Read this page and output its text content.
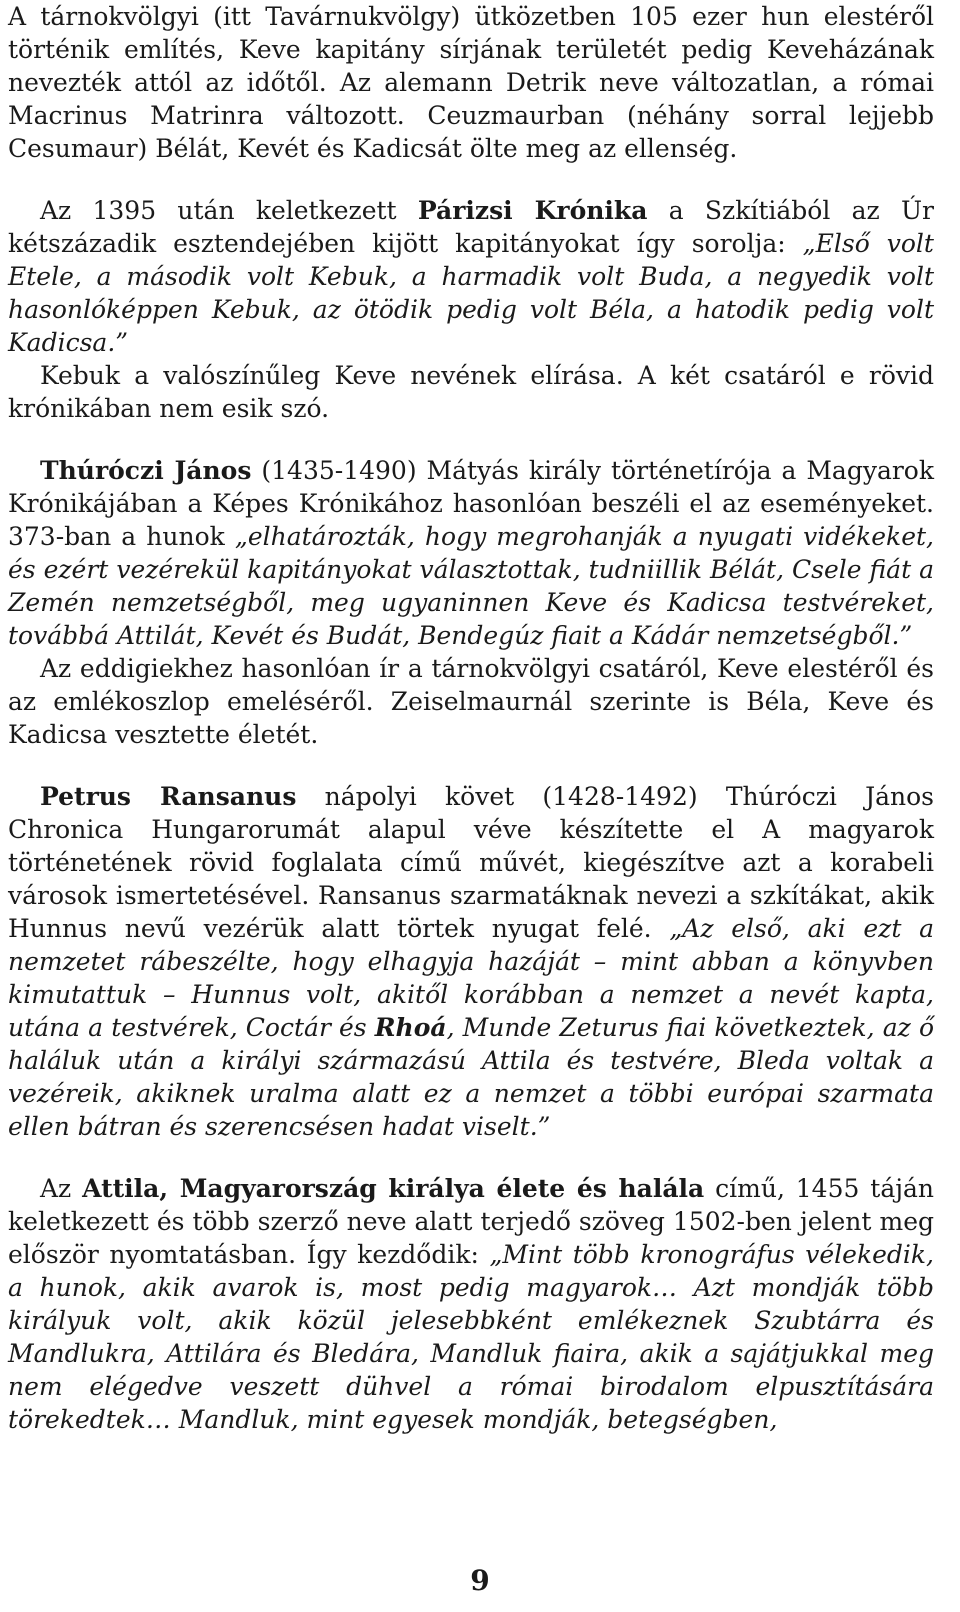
A tárnokvölgyi (itt Tavárnukvölgy) ütközetben 105 ezer hun elestéről történik említés, Keve kapitány sírjának területét pedig Keveházának nevezték attól az időtől. Az alemann Detrik neve változatlan, a római Macrinus Matrinra változott. Ceuzmaurban (néhány sorral lejjebb Cesumaur) Bélát, Kevét és Kadicsát ölte meg az ellenség.

Az 1395 után keletkezett Párizsi Krónika a Szkítiából az Úr kétszázadik esztendejében kijött kapitányokat így sorolja: „Első volt Etele, a második volt Kebuk, a harmadik volt Buda, a negyedik volt hasonlóképpen Kebuk, az ötödik pedig volt Béla, a hatodik pedig volt Kadicsa.”
Kebuk a valószínűleg Keve nevének elírása. A két csatáról e rövid krónikában nem esik szó.

Thúróczi János (1435-1490) Mátyás király történetírója a Magyarok Krónikájában a Képes Krónikához hasonlóan beszéli el az eseményeket. 373-ban a hunok „elhatározták, hogy megrohanják a nyugati vidékeket, és ezért vezérekül kapitányokat választottak, tudniillik Bélát, Csele fiát a Zemén nemzetségből, meg ugyaninnen Keve és Kadicsa testvéreket, továbbá Attilát, Kevét és Budát, Bendegúz fiait a Kádár nemzetségből.”
Az eddigiekhez hasonlóan ír a tárnokvölgyi csatáról, Keve elestéről és az emlékoszlop emeléséről. Zeiselmaurnál szerinte is Béla, Keve és Kadicsa vesztette életét.

Petrus Ransanus nápolyi követ (1428-1492) Thúróczi János Chronica Hungarorumát alapul véve készítette el A magyarok történetének rövid foglalata című művét, kiegészítve azt a korabeli városok ismertetésével. Ransanus szarmatáknak nevezi a szkítákat, akik Hunnus nevű vezérük alatt törtek nyugat felé. „Az első, aki ezt a nemzetet rábeszélte, hogy elhagyja hazáját – mint abban a könyvben kimutattuk – Hunnus volt, akitől korábban a nemzet a nevét kapta, utána a testvérek, Coctár és Rhoá, Munde Zeturus fiai következtek, az ő haláluk után a királyi származású Attila és testvére, Bleda voltak a vezéreik, akiknek uralma alatt ez a nemzet a többi európai szarmata ellen bátran és szerencsésen hadat viselt.”

Az Attila, Magyarország királya élete és halála című, 1455 táján keletkezett és több szerző neve alatt terjedő szöveg 1502-ben jelent meg először nyomtatásban. Így kezdődik: „Mint több kronográfus vélekedik, a hunok, akik avarok is, most pedig magyarok… Azt mondják több királyuk volt, akik közül jelesebbként emlékeznek Szubtárra és Mandlukra, Attilára és Bledára, Mandluk fiaira, akik a sajátjukkal meg nem elégedve veszett dühvel a római birodalom elpusztítására törekedtek… Mandluk, mint egyesek mondják, betegségben,

9
